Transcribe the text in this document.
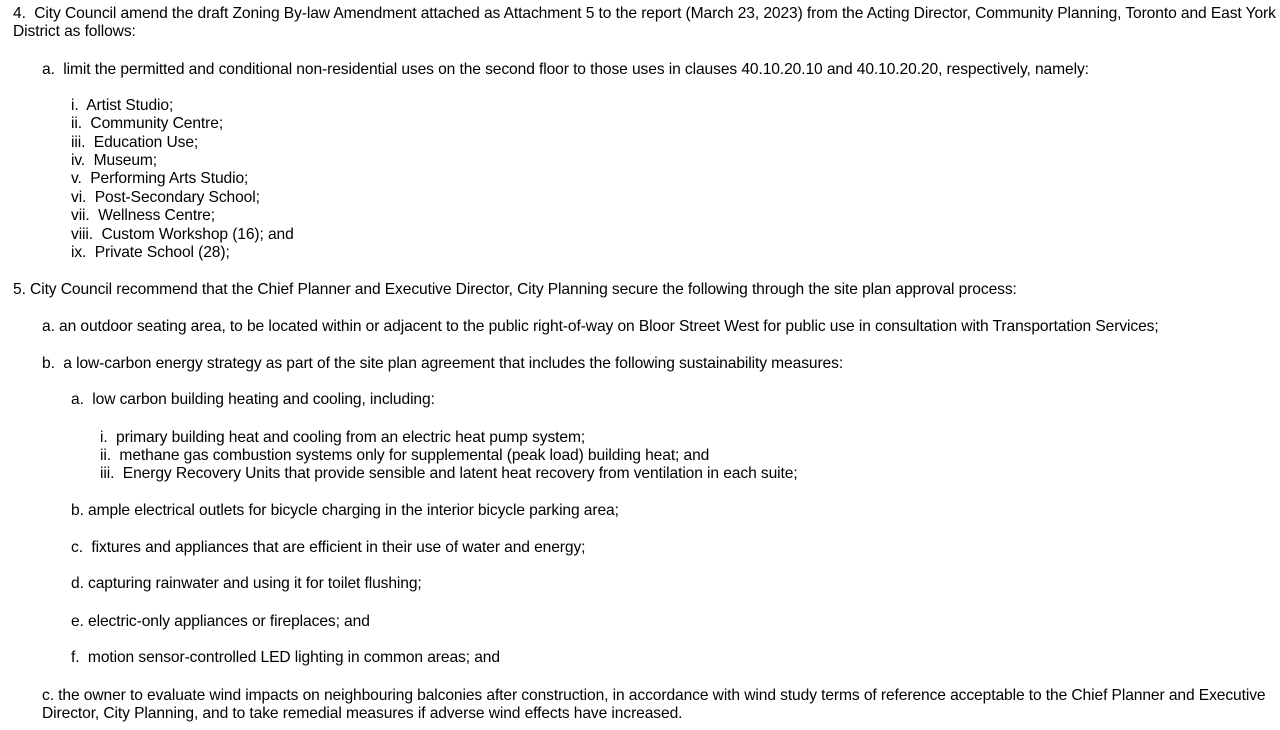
4.  City Council amend the draft Zoning By-law Amendment attached as Attachment 5 to the report (March 23, 2023) from the Acting Director, Community Planning, Toronto and East York
District as follows:
a.  limit the permitted and conditional non-residential uses on the second floor to those uses in clauses 40.10.20.10 and 40.10.20.20, respectively, namely:
i.  Artist Studio;
ii.  Community Centre;
iii.  Education Use;
iv.  Museum;
v.  Performing Arts Studio;
vi.  Post-Secondary School;
vii.  Wellness Centre;
viii.  Custom Workshop (16); and
ix.  Private School (28);
5. City Council recommend that the Chief Planner and Executive Director, City Planning secure the following through the site plan approval process:
a. an outdoor seating area, to be located within or adjacent to the public right-of-way on Bloor Street West for public use in consultation with Transportation Services;
b.  a low-carbon energy strategy as part of the site plan agreement that includes the following sustainability measures:
a.  low carbon building heating and cooling, including:
i.  primary building heat and cooling from an electric heat pump system;
ii.  methane gas combustion systems only for supplemental (peak load) building heat; and
iii.  Energy Recovery Units that provide sensible and latent heat recovery from ventilation in each suite;
b. ample electrical outlets for bicycle charging in the interior bicycle parking area;
c.  fixtures and appliances that are efficient in their use of water and energy;
d. capturing rainwater and using it for toilet flushing;
e. electric-only appliances or fireplaces; and
f.  motion sensor-controlled LED lighting in common areas; and
c. the owner to evaluate wind impacts on neighbouring balconies after construction, in accordance with wind study terms of reference acceptable to the Chief Planner and Executive
Director, City Planning, and to take remedial measures if adverse wind effects have increased.
